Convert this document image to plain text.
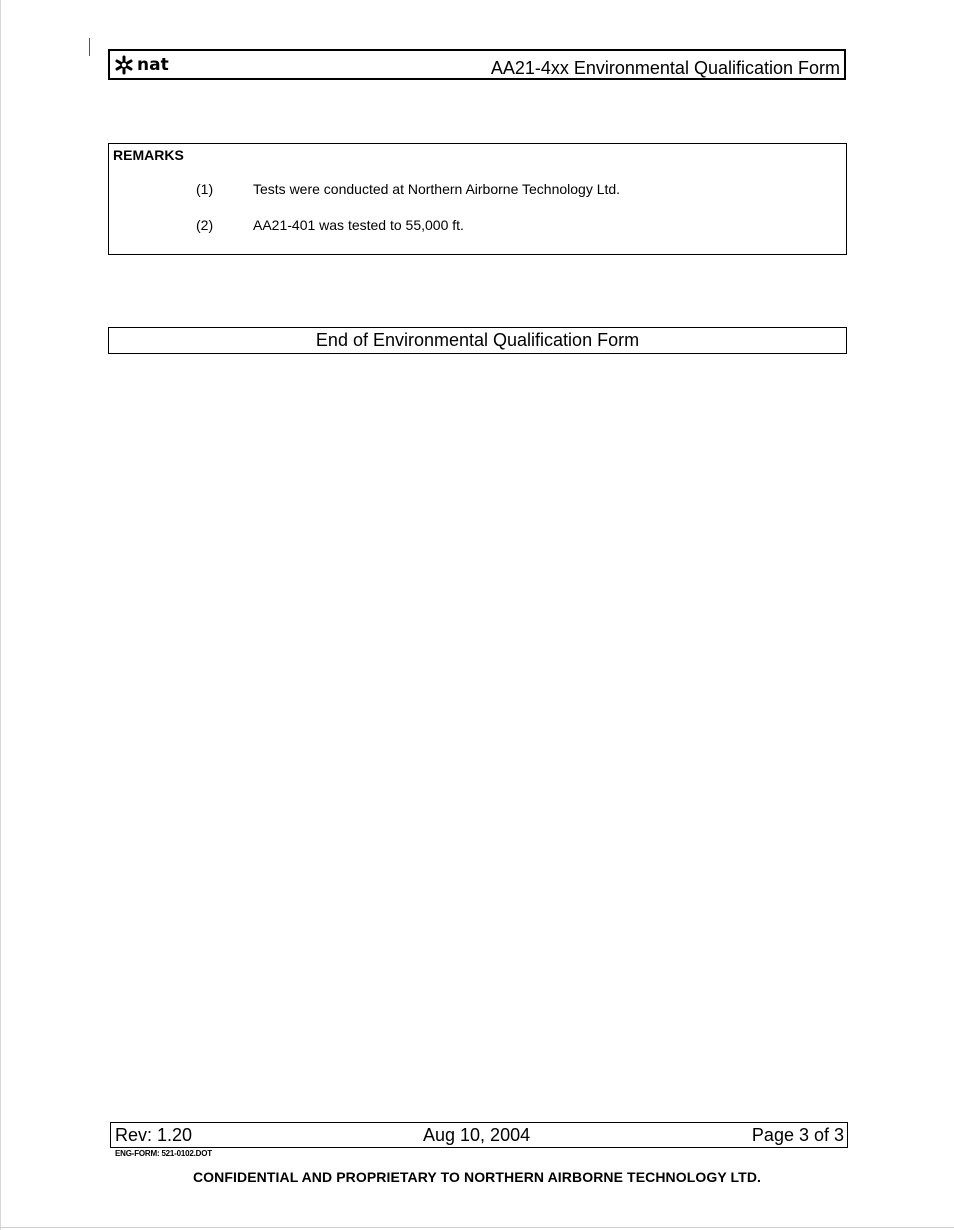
nat	AA21-4xx Environmental Qualification Form
REMARKS
(1)	Tests were conducted at Northern Airborne Technology Ltd.
(2)	AA21-401 was tested to 55,000 ft.
End of Environmental Qualification Form
Rev: 1.20	Aug 10, 2004	Page 3 of 3
ENG-FORM: 521-0102.DOT
CONFIDENTIAL AND PROPRIETARY TO NORTHERN AIRBORNE TECHNOLOGY LTD.
